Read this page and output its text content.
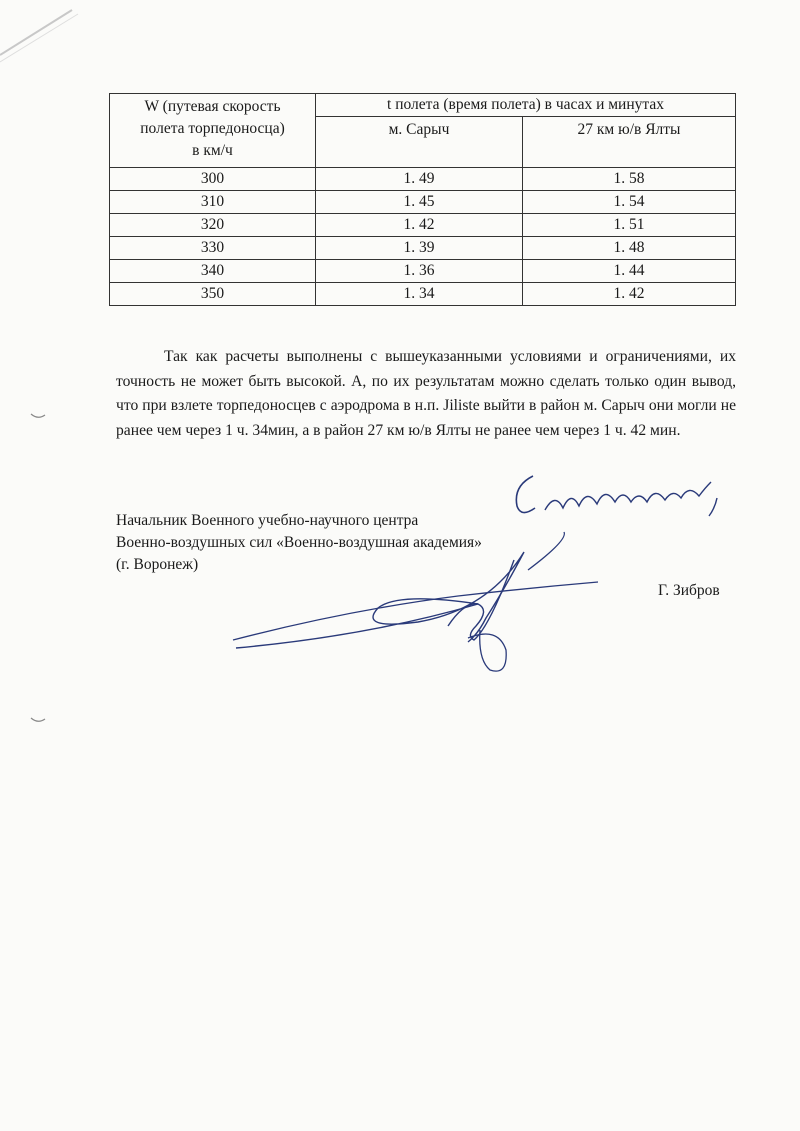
W (путевая скорость
полета торпедоносца)
в км/ч	t полета (время полета) в часах и минутах	
	м. Сарыч	27 км ю/в Ялты
300	1. 49	1. 58
310	1. 45	1. 54
320	1. 42	1. 51
330	1. 39	1. 48
340	1. 36	1. 44
350	1. 34	1. 42

Так как расчеты выполнены с вышеуказанными условиями и ограничениями, их точность не может быть высокой. А, по их результатам можно сделать только один вывод, что при взлете торпедоносцев с аэродрома в н.п. Jiliste выйти в район м. Сарыч они могли не ранее чем через 1 ч. 34мин, а в район 27 км ю/в Ялты не ранее чем через 1 ч. 42 мин.

Начальник Военного учебно-научного центра
Военно-воздушных сил «Военно-воздушная академия»
(г. Воронеж)
Г. Зибров
